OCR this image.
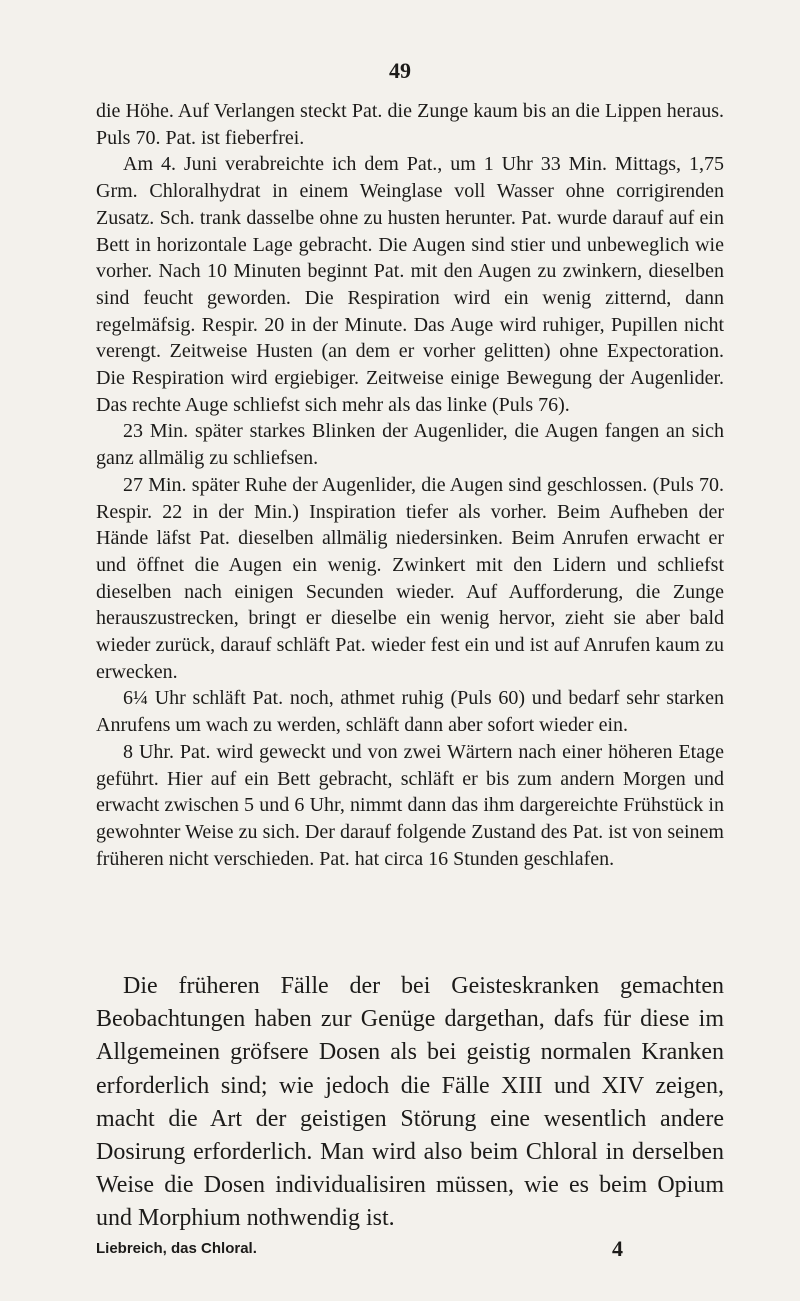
49

die Höhe. Auf Verlangen steckt Pat. die Zunge kaum bis an die Lippen heraus. Puls 70. Pat. ist fieberfrei.

Am 4. Juni verabreichte ich dem Pat., um 1 Uhr 33 Min. Mittags, 1,75 Grm. Chloralhydrat in einem Weinglase voll Wasser ohne corrigirenden Zusatz. Sch. trank dasselbe ohne zu husten herunter. Pat. wurde darauf auf ein Bett in horizontale Lage gebracht. Die Augen sind stier und unbeweglich wie vorher. Nach 10 Minuten beginnt Pat. mit den Augen zu zwinkern, dieselben sind feucht geworden. Die Respiration wird ein wenig zitternd, dann regelmäfsig. Respir. 20 in der Minute. Das Auge wird ruhiger, Pupillen nicht verengt. Zeitweise Husten (an dem er vorher gelitten) ohne Expectoration. Die Respiration wird ergiebiger. Zeitweise einige Bewegung der Augenlider. Das rechte Auge schliefst sich mehr als das linke (Puls 76).

23 Min. später starkes Blinken der Augenlider, die Augen fangen an sich ganz allmälig zu schliefsen.

27 Min. später Ruhe der Augenlider, die Augen sind geschlossen. (Puls 70. Respir. 22 in der Min.) Inspiration tiefer als vorher. Beim Aufheben der Hände läfst Pat. dieselben allmälig niedersinken. Beim Anrufen erwacht er und öffnet die Augen ein wenig. Zwinkert mit den Lidern und schliefst dieselben nach einigen Secunden wieder. Auf Aufforderung, die Zunge herauszustrecken, bringt er dieselbe ein wenig hervor, zieht sie aber bald wieder zurück, darauf schläft Pat. wieder fest ein und ist auf Anrufen kaum zu erwecken.

6¼ Uhr schläft Pat. noch, athmet ruhig (Puls 60) und bedarf sehr starken Anrufens um wach zu werden, schläft dann aber sofort wieder ein.

8 Uhr. Pat. wird geweckt und von zwei Wärtern nach einer höheren Etage geführt. Hier auf ein Bett gebracht, schläft er bis zum andern Morgen und erwacht zwischen 5 und 6 Uhr, nimmt dann das ihm dargereichte Frühstück in gewohnter Weise zu sich. Der darauf folgende Zustand des Pat. ist von seinem früheren nicht verschieden. Pat. hat circa 16 Stunden geschlafen.

Die früheren Fälle der bei Geisteskranken gemachten Beobachtungen haben zur Genüge dargethan, dafs für diese im Allgemeinen gröfsere Dosen als bei geistig normalen Kranken erforderlich sind; wie jedoch die Fälle XIII und XIV zeigen, macht die Art der geistigen Störung eine wesentlich andere Dosirung erforderlich. Man wird also beim Chloral in derselben Weise die Dosen individualisiren müssen, wie es beim Opium und Morphium nothwendig ist.

Liebreich, das Chloral.	4
